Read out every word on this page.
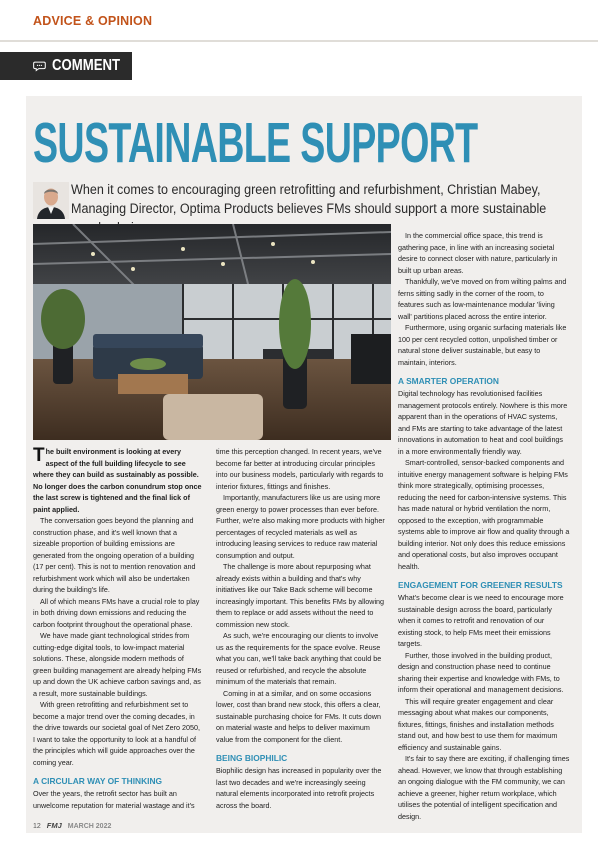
ADVICE & OPINION
COMMENT
SUSTAINABLE SUPPORT
When it comes to encouraging green retrofitting and refurbishment, Christian Mabey, Managing Director, Optima Products believes FMs should support a more sustainable

The built environment is looking at every aspect of the full building lifecycle to see where they can build as sustainably as possible. No longer does the carbon conundrum stop once the last screw is tightened and the final lick of paint applied.

The conversation goes beyond the planning and construction phase, and it's well known that a sizeable proportion of building emissions are generated from the ongoing operation of a building (17 per cent). This is not to mention renovation and refurbishment work which will also be undertaken during the building's life.

All of which means FMs have a crucial role to play in both driving down emissions and reducing the carbon footprint throughout the operational phase.

We have made giant technological strides from cutting-edge digital tools, to low-impact material solutions. These, alongside modern methods of green building management are already helping FMs up and down the UK achieve carbon savings and, as a result, more sustainable buildings.

With green retrofitting and refurbishment set to become a major trend over the coming decades, in the drive towards our societal goal of Net Zero 2050, I want to take the opportunity to look at a handful of the principles which will guide approaches over the coming year.

A CIRCULAR WAY OF THINKING

Over the years, the retrofit sector has built an unwelcome reputation for material wastage and it's

time this perception changed. In recent years, we've become far better at introducing circular principles into our business models, particularly with regards to interior fixtures, fittings and finishes.

Importantly, manufacturers like us are using more green energy to power processes than ever before. Further, we're also making more products with higher percentages of recycled materials as well as introducing leasing services to reduce raw material consumption and output.

The challenge is more about repurposing what already exists within a building and that's why initiatives like our Take Back scheme will become increasingly important. This benefits FMs by allowing them to replace or add assets without the need to commission new stock.

As such, we're encouraging our clients to involve us as the requirements for the space evolve. Reuse what you can, we'll take back anything that could be reused or refurbished, and recycle the absolute minimum of the materials that remain.

Coming in at a similar, and on some occasions lower, cost than brand new stock, this offers a clear, sustainable purchasing choice for FMs. It cuts down on material waste and helps to deliver maximum value from the component for the client.

BEING BIOPHILIC

Biophilic design has increased in popularity over the last two decades and we're increasingly seeing natural elements incorporated into retrofit projects across the board.

In the commercial office space, this trend is gathering pace, in line with an increasing societal desire to connect closer with nature, particularly in built up urban areas.

Thankfully, we've moved on from wilting palms and ferns sitting sadly in the corner of the room, to features such as low-maintenance modular 'living wall' partitions placed across the entire interior.

Furthermore, using organic surfacing materials like 100 per cent recycled cotton, unpolished timber or natural stone deliver sustainable, but easy to maintain, interiors.

A SMARTER OPERATION

Digital technology has revolutionised facilities management protocols entirely. Nowhere is this more apparent than in the operations of HVAC systems, and FMs are starting to take advantage of the latest innovations in automation to heat and cool buildings in a more environmentally friendly way.

Smart-controlled, sensor-backed components and intuitive energy management software is helping FMs think more strategically, optimising processes, reducing the need for carbon-intensive systems. This has made natural or hybrid ventilation the norm, opposed to the exception, with programmable systems able to improve air flow and quality through a building interior. Not only does this reduce emissions and operational costs, but also improves occupant health.

ENGAGEMENT FOR GREENER RESULTS

What's become clear is we need to encourage more sustainable design across the board, particularly when it comes to retrofit and renovation of our existing stock, to help FMs meet their emissions targets.

Further, those involved in the building product, design and construction phase need to continue sharing their expertise and knowledge with FMs, to inform their operational and management decisions.

This will require greater engagement and clear messaging about what makes our components, fixtures, fittings, finishes and installation methods stand out, and how best to use them for maximum efficiency and sustainable gains.

It's fair to say there are exciting, if challenging times ahead. However, we know that through establishing an ongoing dialogue with the FM community, we can achieve a greener, higher return workplace, which utilises the potential of intelligent specification and design.

12 FMJ MARCH 2022
